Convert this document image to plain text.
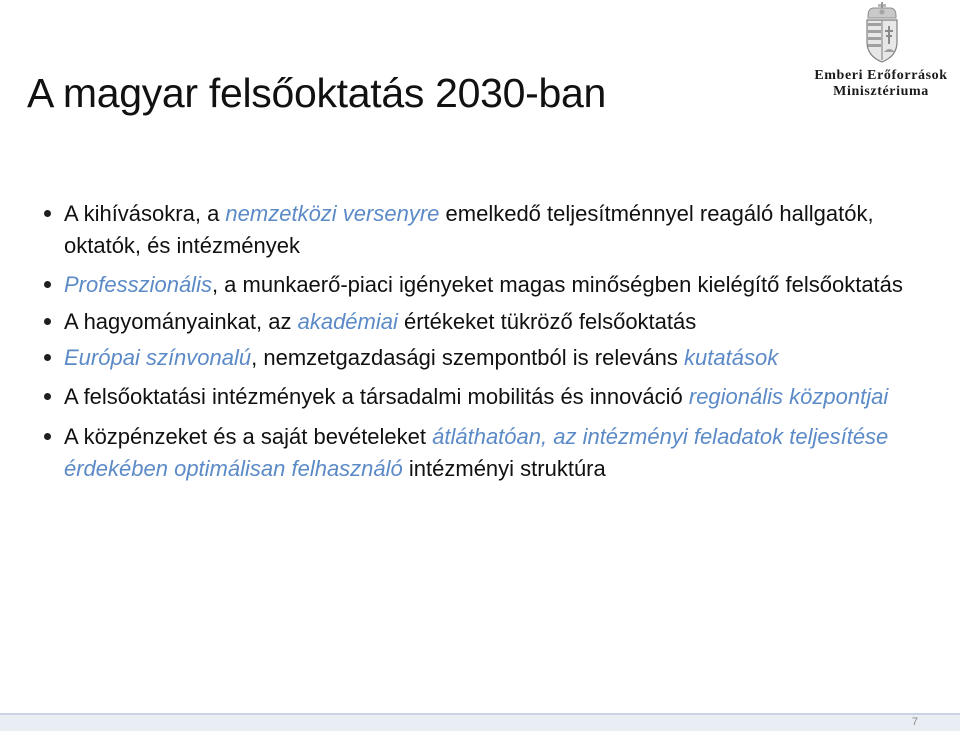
A magyar felsőoktatás 2030-ban	Emberi Erőforrások
Minisztériuma
A kihívásokra, a nemzetközi versenyre emelkedő teljesítménnyel reagáló hallgatók, oktatók, és intézmények
Professzionális, a munkaerő-piaci igényeket magas minőségben kielégítő felsőoktatás
A hagyományainkat, az akadémiai értékeket tükröző felsőoktatás
Európai színvonalú, nemzetgazdasági szempontból is releváns kutatások
A felsőoktatási intézmények a társadalmi mobilitás és innováció regionális központjai
A közpénzeket és a saját bevételeket átláthatóan, az intézményi feladatok teljesítése érdekében optimálisan felhasználó intézményi struktúra
7
